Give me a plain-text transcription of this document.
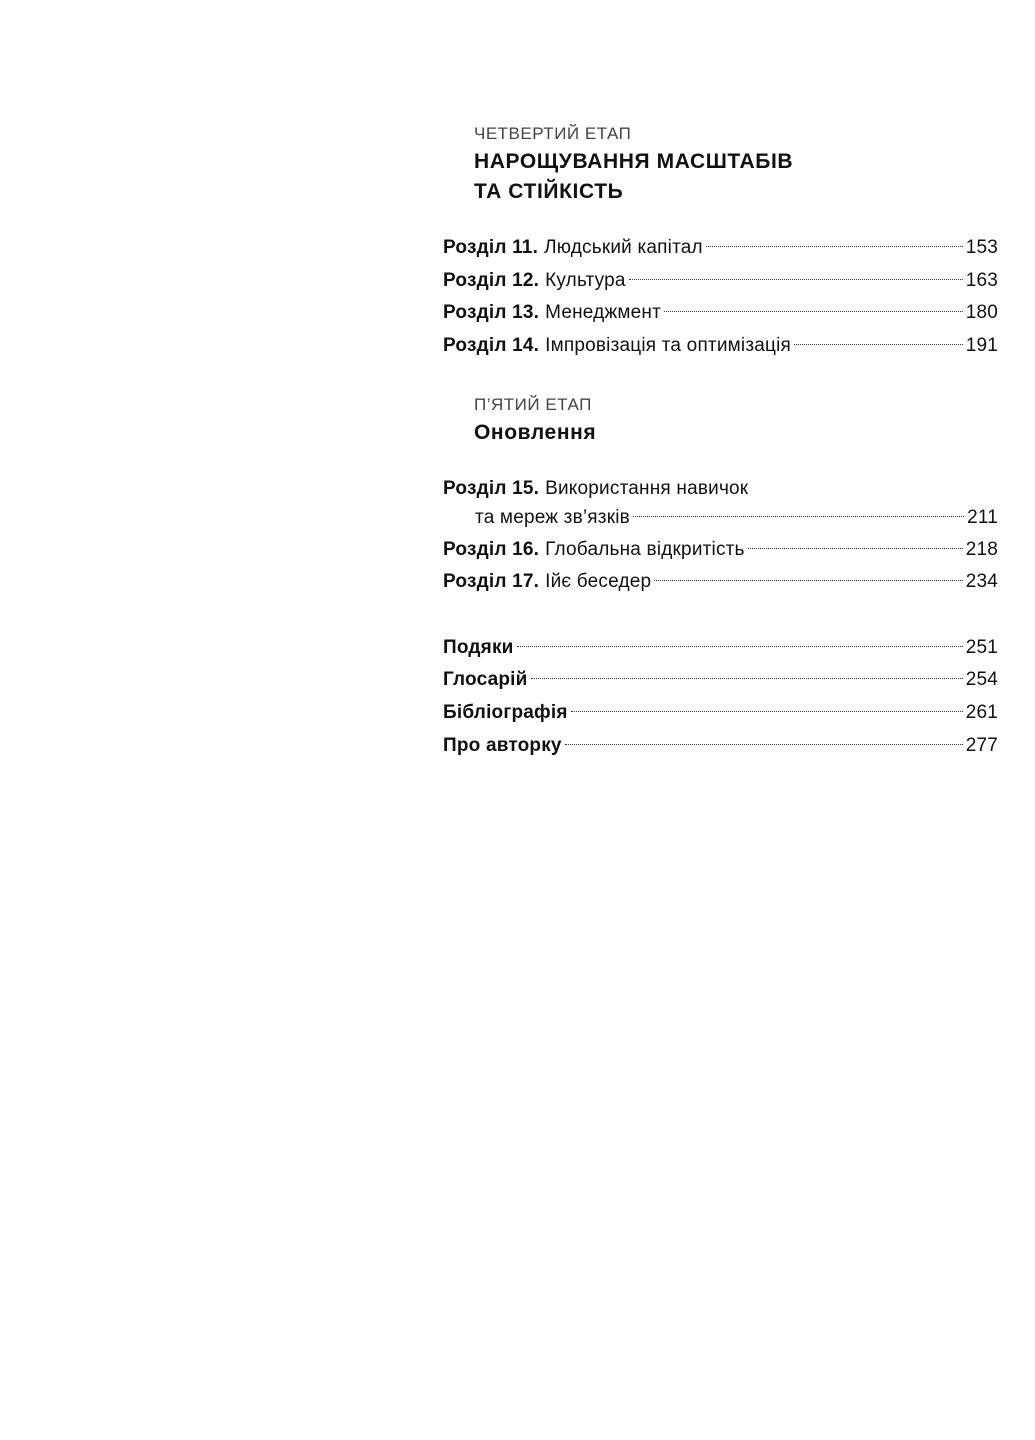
ЧЕТВЕРТИЙ ЕТАП
НАРОЩУВАННЯ МАСШТАБІВ
ТА СТІЙКІСТЬ
Розділ 11. Людський капітал	153
Розділ 12. Культура	163
Розділ 13. Менеджмент	180
Розділ 14. Імпровізація та оптимізація	191
П’ЯТИЙ ЕТАП
Оновлення
Розділ 15. Використання навичок
та мереж зв’язків	211
Розділ 16. Глобальна відкритість	218
Розділ 17. Ійє беседер	234
Подяки	251
Глосарій	254
Бібліографія	261
Про авторку	277
